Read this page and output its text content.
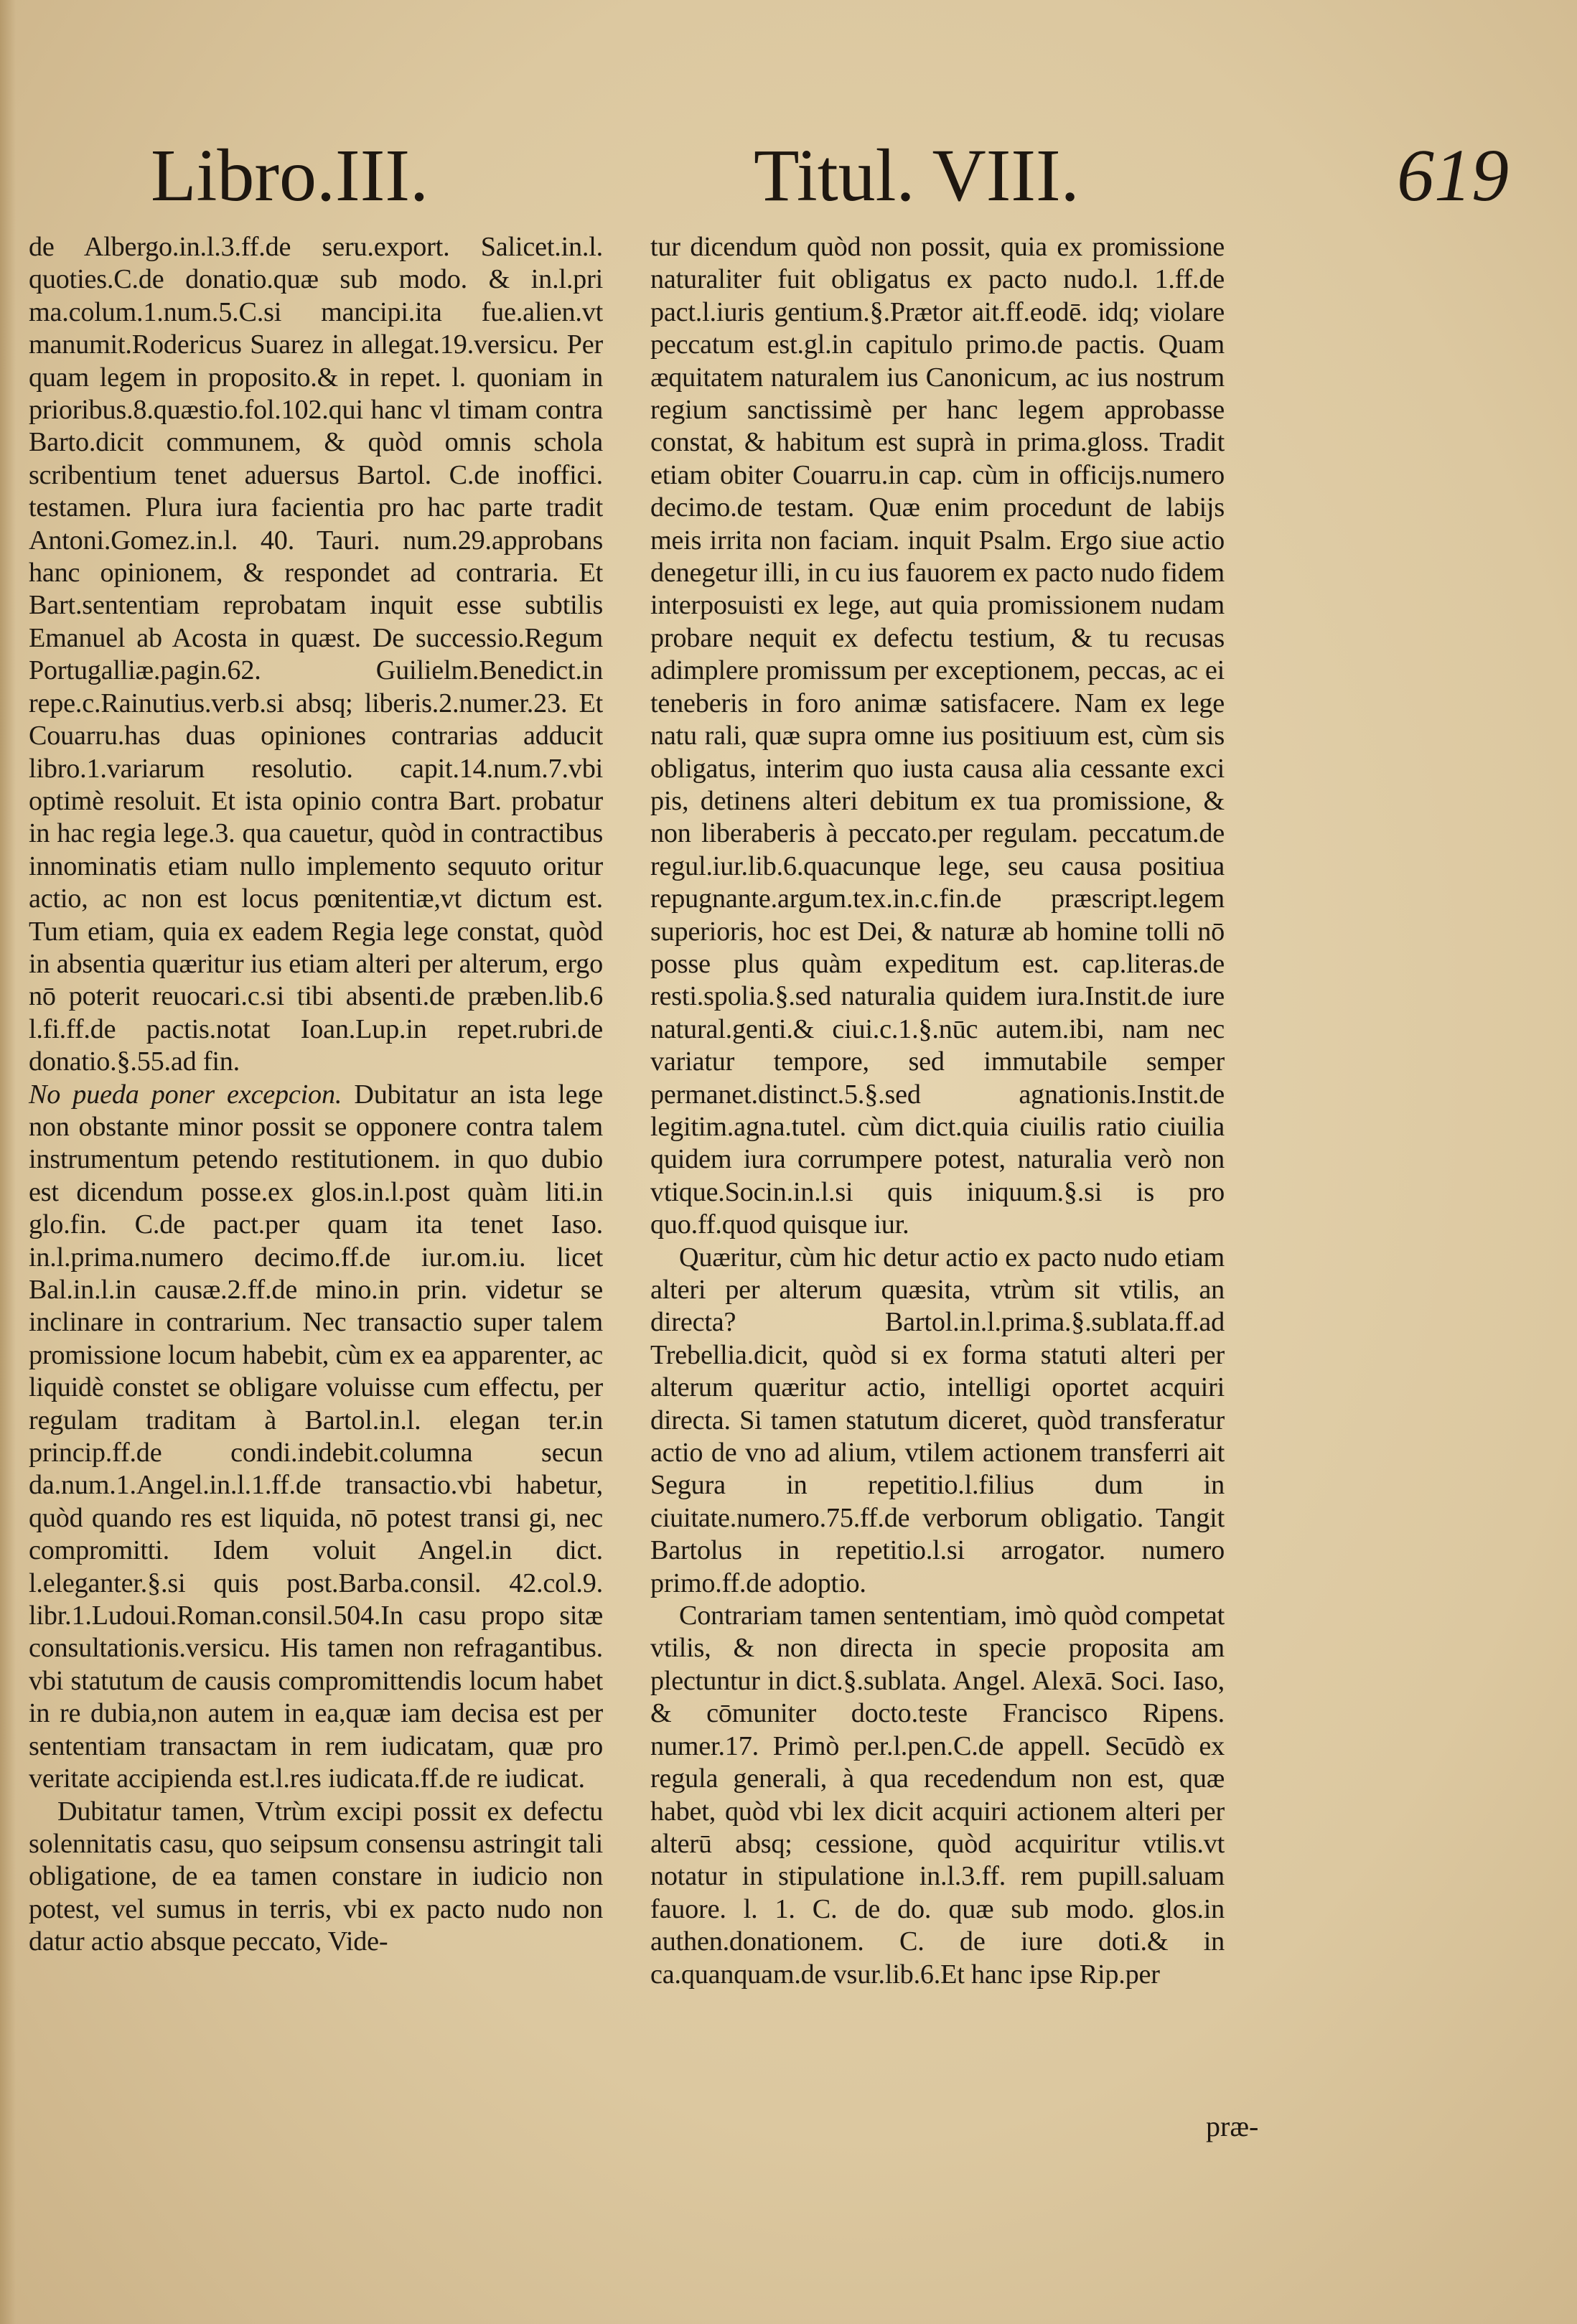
Libro.III.	Titul. VIII.	619

de Albergo.in.l.3.ff.de seru.export. Salicet.in.l. quoties.C.de donatio.quæ sub modo. & in.l.pri ma.colum.1.num.5.C.si mancipi.ita fue.alien.vt manumit.Rodericus Suarez in allegat.19.versicu. Per quam legem in proposito.& in repet. l. quoniam in prioribus.8.quæstio.fol.102.qui hanc vl timam contra Barto.dicit communem, & quòd omnis schola scribentium tenet aduersus Bartol. C.de inoffici. testamen. Plura iura facientia pro hac parte tradit Antoni.Gomez.in.l. 40. Tauri. num.29.approbans hanc opinionem, & respondet ad contraria. Et Bart.sententiam reprobatam inquit esse subtilis Emanuel ab Acosta in quæst. De successio.Regum Portugalliæ.pagin.62. Guilielm.Benedict.in repe.c.Rainutius.verb.si absq; liberis.2.numer.23. Et Couarru.has duas opiniones contrarias adducit libro.1.variarum resolutio. capit.14.num.7.vbi optimè resoluit. Et ista opinio contra Bart. probatur in hac regia lege.3. qua cauetur, quòd in contractibus innominatis etiam nullo implemento sequuto oritur actio, ac non est locus pœnitentiæ,vt dictum est. Tum etiam, quia ex eadem Regia lege constat, quòd in absentia quæritur ius etiam alteri per alterum, ergo nō poterit reuocari.c.si tibi absenti.de præben.lib.6 l.fi.ff.de pactis.notat Ioan.Lup.in repet.rubri.de donatio.§.55.ad fin.

No pueda poner excepcion. Dubitatur an ista lege non obstante minor possit se opponere contra talem instrumentum petendo restitutionem. in quo dubio est dicendum posse.ex glos.in.l.post quàm liti.in glo.fin. C.de pact.per quam ita tenet Iaso. in.l.prima.numero decimo.ff.de iur.om.iu. licet Bal.in.l.in causæ.2.ff.de mino.in prin. videtur se inclinare in contrarium. Nec transactio super talem promissione locum habebit, cùm ex ea apparenter, ac liquidè constet se obligare voluisse cum effectu, per regulam traditam à Bartol.in.l. elegan ter.in princip.ff.de condi.indebit.columna secun da.num.1.Angel.in.l.1.ff.de transactio.vbi habetur, quòd quando res est liquida, nō potest transi gi, nec compromitti. Idem voluit Angel.in dict. l.eleganter.§.si quis post.Barba.consil. 42.col.9. libr.1.Ludoui.Roman.consil.504.In casu propo sitæ consultationis.versicu. His tamen non refragantibus. vbi statutum de causis compromittendis locum habet in re dubia,non autem in ea,quæ iam decisa est per sententiam transactam in rem iudicatam, quæ pro veritate accipienda est.l.res iudicata.ff.de re iudicat.

Dubitatur tamen, Vtrùm excipi possit ex defectu solennitatis casu, quo seipsum consensu astringit tali obligatione, de ea tamen constare in iudicio non potest, vel sumus in terris, vbi ex pacto nudo non datur actio absque peccato, Vide-

tur dicendum quòd non possit, quia ex promissione naturaliter fuit obligatus ex pacto nudo.l. 1.ff.de pact.l.iuris gentium.§.Prætor ait.ff.eodē. idq; violare peccatum est.gl.in capitulo primo.de pactis. Quam æquitatem naturalem ius Canonicum, ac ius nostrum regium sanctissimè per hanc legem approbasse constat, & habitum est suprà in prima.gloss. Tradit etiam obiter Couarru.in cap. cùm in officijs.numero decimo.de testam. Quæ enim procedunt de labijs meis irrita non faciam. inquit Psalm. Ergo siue actio denegetur illi, in cu ius fauorem ex pacto nudo fidem interposuisti ex lege, aut quia promissionem nudam probare nequit ex defectu testium, & tu recusas adimplere promissum per exceptionem, peccas, ac ei teneberis in foro animæ satisfacere. Nam ex lege natu rali, quæ supra omne ius positiuum est, cùm sis obligatus, interim quo iusta causa alia cessante exci pis, detinens alteri debitum ex tua promissione, & non liberaberis à peccato.per regulam. peccatum.de regul.iur.lib.6.quacunque lege, seu causa positiua repugnante.argum.tex.in.c.fin.de præscript.legem superioris, hoc est Dei, & naturæ ab homine tolli nō posse plus quàm expeditum est. cap.literas.de resti.spolia.§.sed naturalia quidem iura.Instit.de iure natural.genti.& ciui.c.1.§.nūc autem.ibi, nam nec variatur tempore, sed immutabile semper permanet.distinct.5.§.sed agnationis.Instit.de legitim.agna.tutel. cùm dict.quia ciuilis ratio ciuilia quidem iura corrumpere potest, naturalia verò non vtique.Socin.in.l.si quis iniquum.§.si is pro quo.ff.quod quisque iur.

Quæritur, cùm hic detur actio ex pacto nudo etiam alteri per alterum quæsita, vtrùm sit vtilis, an directa? Bartol.in.l.prima.§.sublata.ff.ad Trebellia.dicit, quòd si ex forma statuti alteri per alterum quæritur actio, intelligi oportet acquiri directa. Si tamen statutum diceret, quòd transferatur actio de vno ad alium, vtilem actionem transferri ait Segura in repetitio.l.filius dum in ciuitate.numero.75.ff.de verborum obligatio. Tangit Bartolus in repetitio.l.si arrogator. numero primo.ff.de adoptio.

Contrariam tamen sententiam, imò quòd competat vtilis, & non directa in specie proposita am plectuntur in dict.§.sublata. Angel. Alexā. Soci. Iaso, & cōmuniter docto.teste Francisco Ripens. numer.17. Primò per.l.pen.C.de appell. Secūdò ex regula generali, à qua recedendum non est, quæ habet, quòd vbi lex dicit acquiri actionem alteri per alterū absq; cessione, quòd acquiritur vtilis.vt notatur in stipulatione in.l.3.ff. rem pupill.saluam fauore. l. 1. C. de do. quæ sub modo. glos.in authen.donationem. C. de iure doti.& in ca.quanquam.de vsur.lib.6.Et hanc ipse Rip.per

præ-
